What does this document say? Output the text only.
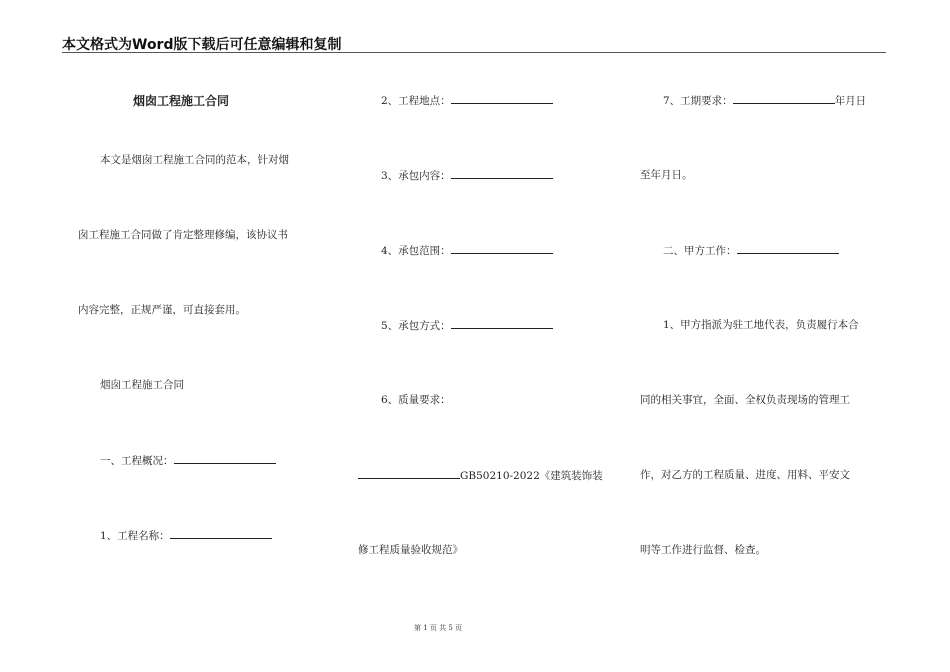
本文格式为Word版下载后可任意编辑和复制
烟囱工程施工合同
本文是烟囱工程施工合同的范本，针对烟
囱工程施工合同做了肯定整理修编，该协议书
内容完整，正规严谨，可直接套用。
烟囱工程施工合同
一、工程概况：
1、工程名称：
2、工程地点：
3、承包内容：
4、承包范围：
5、承包方式：
6、质量要求：
GB50210-2022《建筑装饰装
修工程质量验收规范》
7、工期要求：	年月日
至年月日。
二、甲方工作：
1、甲方指派为驻工地代表，负责履行本合
同的相关事宜，全面、全权负责现场的管理工
作，对乙方的工程质量、进度、用料、平安文
明等工作进行监督、检查。
第 1 页 共 5 页
